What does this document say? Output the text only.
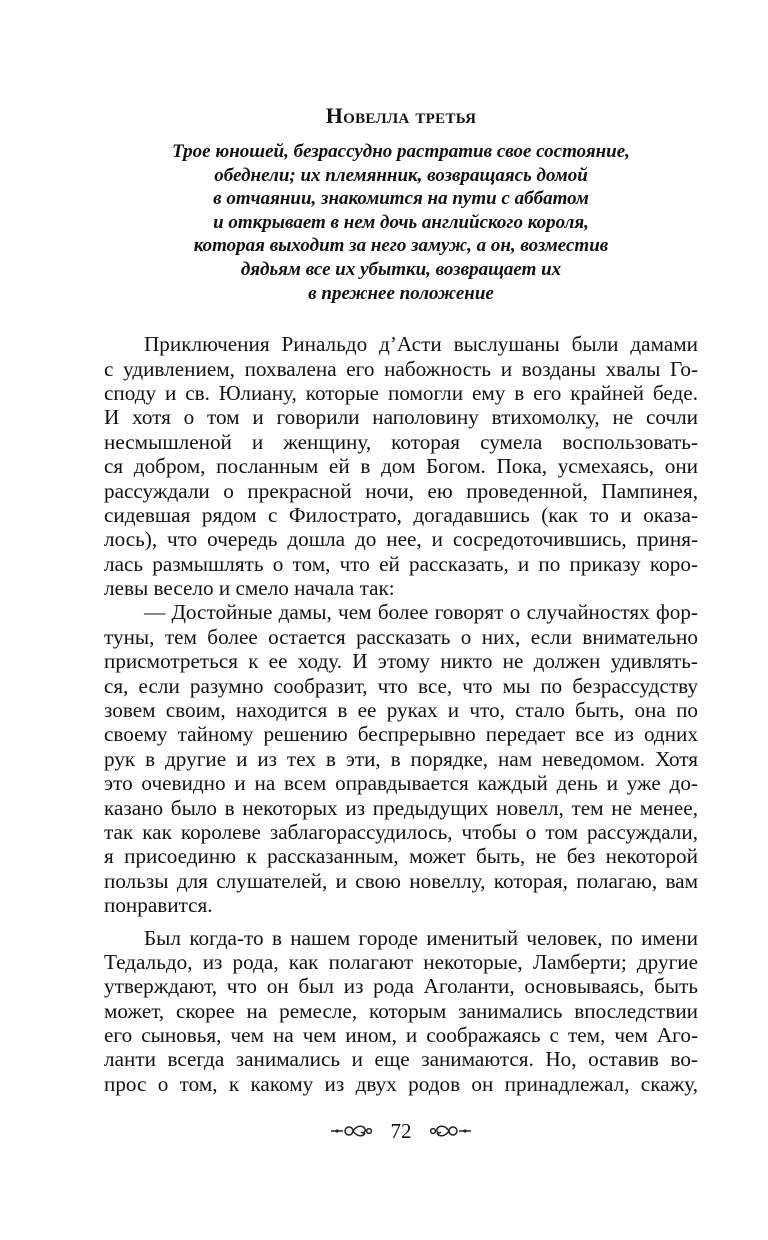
Новелла третья
Трое юношей, безрассудно растратив свое состояние,
обеднели; их племянник, возвращаясь домой
в отчаянии, знакомится на пути с аббатом
и открывает в нем дочь английского короля,
которая выходит за него замуж, а он, возместив
дядьям все их убытки, возвращает их
в прежнее положение
Приключения Ринальдо д’Асти выслушаны были дамами
с удивлением, похвалена его набожность и возданы хвалы Го-
споду и св. Юлиану, которые помогли ему в его крайней беде.
И хотя о том и говорили наполовину втихомолку, не сочли
несмышленой и женщину, которая сумела воспользовать-
ся добром, посланным ей в дом Богом. Пока, усмехаясь, они
рассуждали о прекрасной ночи, ею проведенной, Пампинея,
сидевшая рядом с Филострато, догадавшись (как то и оказа-
лось), что очередь дошла до нее, и сосредоточившись, приня-
лась размышлять о том, что ей рассказать, и по приказу коро-
левы весело и смело начала так:
— Достойные дамы, чем более говорят о случайностях фор-
туны, тем более остается рассказать о них, если внимательно
присмотреться к ее ходу. И этому никто не должен удивлять-
ся, если разумно сообразит, что все, что мы по безрассудству
зовем своим, находится в ее руках и что, стало быть, она по
своему тайному решению беспрерывно передает все из одних
рук в другие и из тех в эти, в порядке, нам неведомом. Хотя
это очевидно и на всем оправдывается каждый день и уже до-
казано было в некоторых из предыдущих новелл, тем не менее,
так как королеве заблагорассудилось, чтобы о том рассуждали,
я присоединю к рассказанным, может быть, не без некоторой
пользы для слушателей, и свою новеллу, которая, полагаю, вам
понравится.
Был когда-то в нашем городе именитый человек, по имени
Тедальдо, из рода, как полагают некоторые, Ламберти; другие
утверждают, что он был из рода Аголанти, основываясь, быть
может, скорее на ремесле, которым занимались впоследствии
его сыновья, чем на чем ином, и соображаясь с тем, чем Аго-
ланти всегда занимались и еще занимаются. Но, оставив во-
прос о том, к какому из двух родов он принадлежал, скажу,
72
